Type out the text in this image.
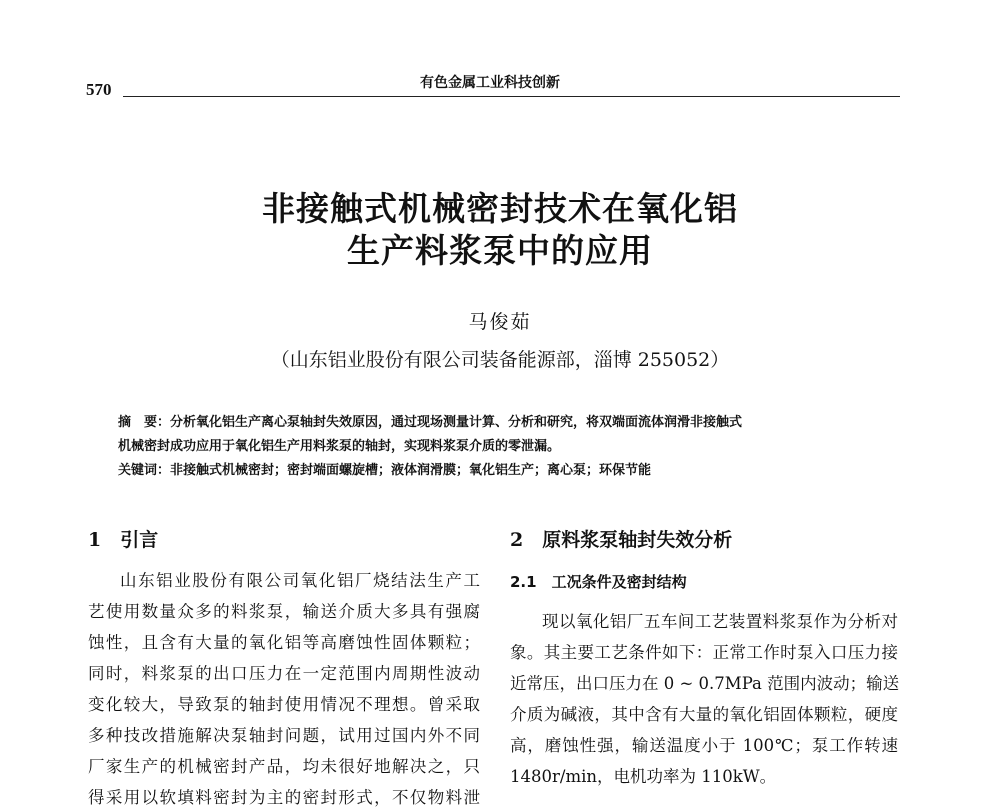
570	有色金属工业科技创新
非接触式机械密封技术在氧化铝
生产料浆泵中的应用
马俊茹
（山东铝业股份有限公司装备能源部，淄博 255052）
摘　要：分析氧化铝生产离心泵轴封失效原因，通过现场测量计算、分析和研究，将双端面流体润滑非接触式
机械密封成功应用于氧化铝生产用料浆泵的轴封，实现料浆泵介质的零泄漏。
关键词：非接触式机械密封；密封端面螺旋槽；液体润滑膜；氧化铝生产；离心泵；环保节能
1　引言
山东铝业股份有限公司氧化铝厂烧结法生产工
艺使用数量众多的料浆泵，输送介质大多具有强腐
蚀性，且含有大量的氧化铝等高磨蚀性固体颗粒；
同时，料浆泵的出口压力在一定范围内周期性波动
变化较大，导致泵的轴封使用情况不理想。曾采取
多种技改措施解决泵轴封问题，试用过国内外不同
厂家生产的机械密封产品，均未很好地解决之，只
得采用以软填料密封为主的密封形式，不仅物料泄
2　原料浆泵轴封失效分析
2.1　工况条件及密封结构
现以氧化铝厂五车间工艺装置料浆泵作为分析对
象。其主要工艺条件如下：正常工作时泵入口压力接
近常压，出口压力在 0 ~ 0.7MPa 范围内波动；输送
介质为碱液，其中含有大量的氧化铝固体颗粒，硬度
高，磨蚀性强，输送温度小于 100℃；泵工作转速
1480r/min，电机功率为 110kW。
